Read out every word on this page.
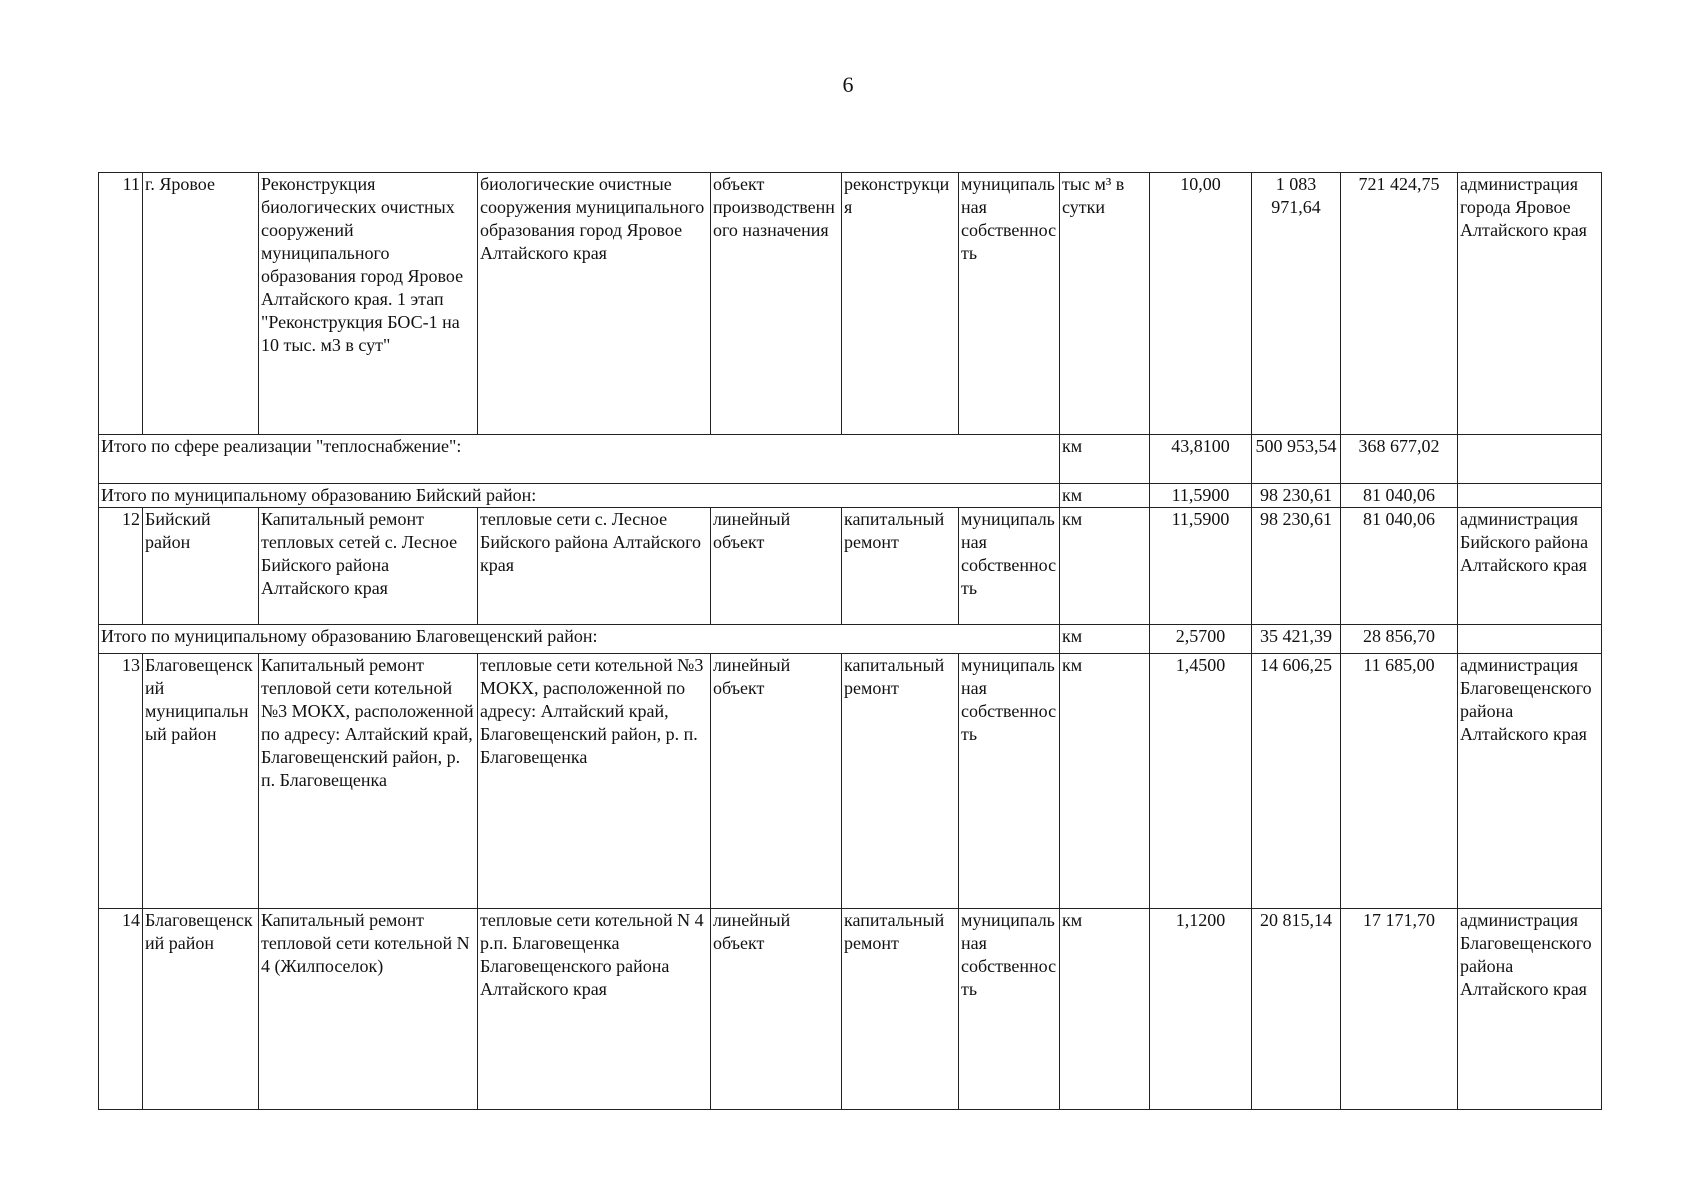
6
11	г. Яровое	Реконструкция биологических очистных сооружений муниципального образования город Яровое Алтайского края. 1 этап "Реконструкция БОС-1 на 10 тыс. м3 в сут"	биологические очистные сооружения муниципального образования город Яровое Алтайского края	объект производственного назначения	реконструкция	муниципальная собственность	тыс м³ в сутки	10,00	1 083 971,64	721 424,75	администрация города Яровое Алтайского края
Итого по сфере реализации "теплоснабжение":							км	43,8100	500 953,54	368 677,02	
Итого по муниципальному образованию Бийский район:							км	11,5900	98 230,61	81 040,06	
12	Бийский район	Капитальный ремонт тепловых сетей с. Лесное Бийского района Алтайского края	тепловые сети с. Лесное Бийского района Алтайского края	линейный объект	капитальный ремонт	муниципальная собственность	км	11,5900	98 230,61	81 040,06	администрация Бийского района Алтайского края
Итого по муниципальному образованию Благовещенский район:							км	2,5700	35 421,39	28 856,70	
13	Благовещенский муниципальный район	Капитальный ремонт тепловой сети котельной №3 МОКХ, расположенной по адресу: Алтайский край, Благовещенский район, р. п. Благовещенка	тепловые сети котельной №3 МОКХ, расположенной по адресу: Алтайский край, Благовещенский район, р. п. Благовещенка	линейный объект	капитальный ремонт	муниципальная собственность	км	1,4500	14 606,25	11 685,00	администрация Благовещенского района Алтайского края
14	Благовещенский район	Капитальный ремонт тепловой сети котельной N 4 (Жилпоселок)	тепловые сети котельной N 4 р.п. Благовещенка Благовещенского района Алтайского края	линейный объект	капитальный ремонт	муниципальная собственность	км	1,1200	20 815,14	17 171,70	администрация Благовещенского района Алтайского края
